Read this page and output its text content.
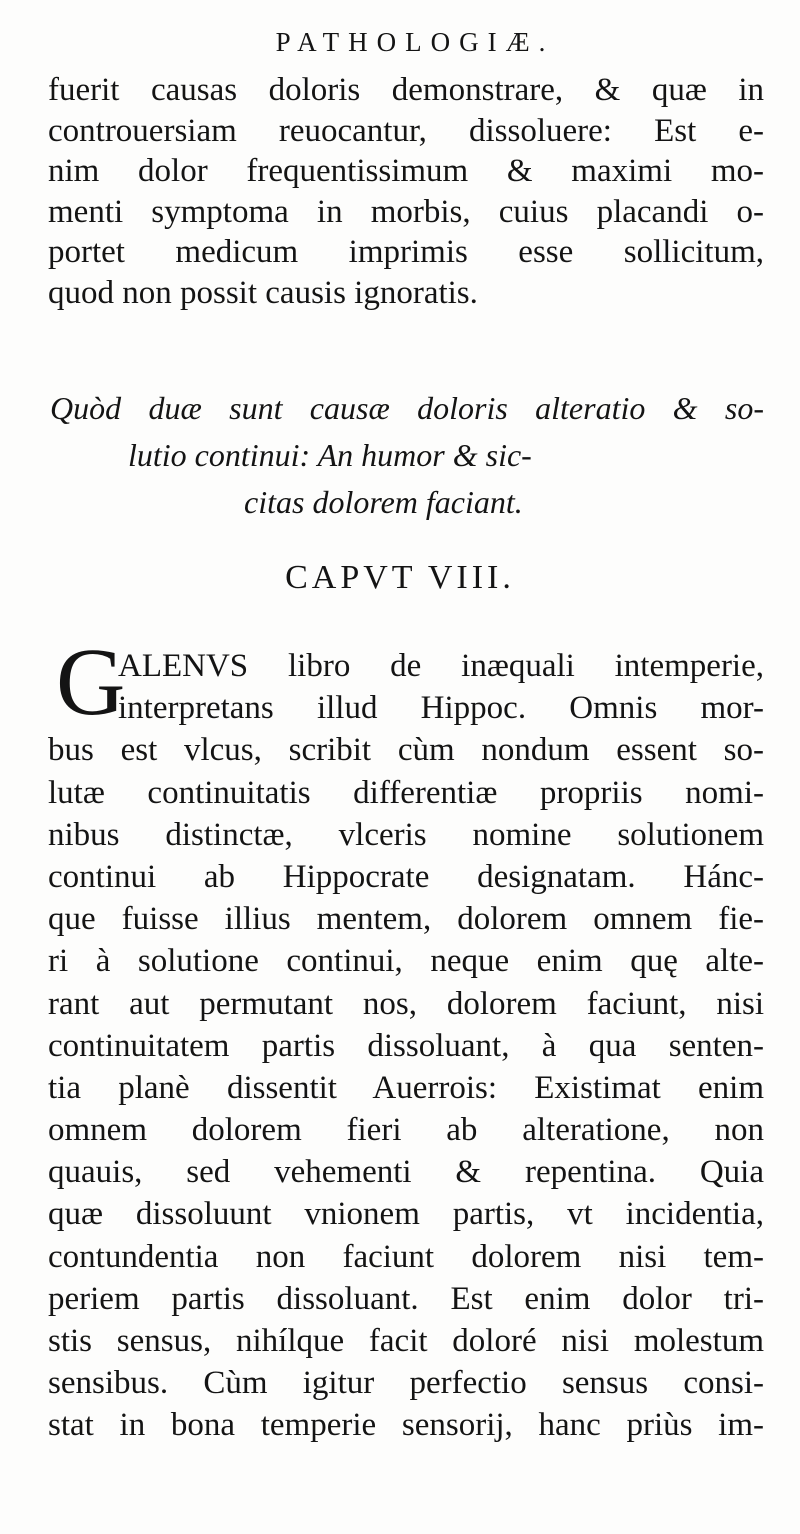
PATHOLOGIÆ.
fuerit causas doloris demonstrare, & quæ in
controuersiam reuocantur, dissoluere: Est e-
nim dolor frequentissimum & maximi mo-
menti symptoma in morbis, cuius placandi o-
portet medicum imprimis esse sollicitum,
quod non possit causis ignoratis.
Quòd duæ sunt causæ doloris alteratio & so-
lutio continui: An humor & sic-
citas dolorem faciant.
CAPVT VIII.
G
ALENVS libro de inæquali intemperie,
interpretans illud Hippoc. Omnis mor-
bus est vlcus, scribit cùm nondum essent so-
lutæ continuitatis differentiæ propriis nomi-
nibus distinctæ, vlceris nomine solutionem
continui ab Hippocrate designatam. Hánc-
que fuisse illius mentem, dolorem omnem fie-
ri à solutione continui, neque enim quę alte-
rant aut permutant nos, dolorem faciunt, nisi
continuitatem partis dissoluant, à qua senten-
tia planè dissentit Auerrois: Existimat enim
omnem dolorem fieri ab alteratione, non
quauis, sed vehementi & repentina. Quia
quæ dissoluunt vnionem partis, vt incidentia,
contundentia non faciunt dolorem nisi tem-
periem partis dissoluant. Est enim dolor tri-
stis sensus, nihílque facit doloré nisi molestum
sensibus. Cùm igitur perfectio sensus consi-
stat in bona temperie sensorij, hanc priùs im-
